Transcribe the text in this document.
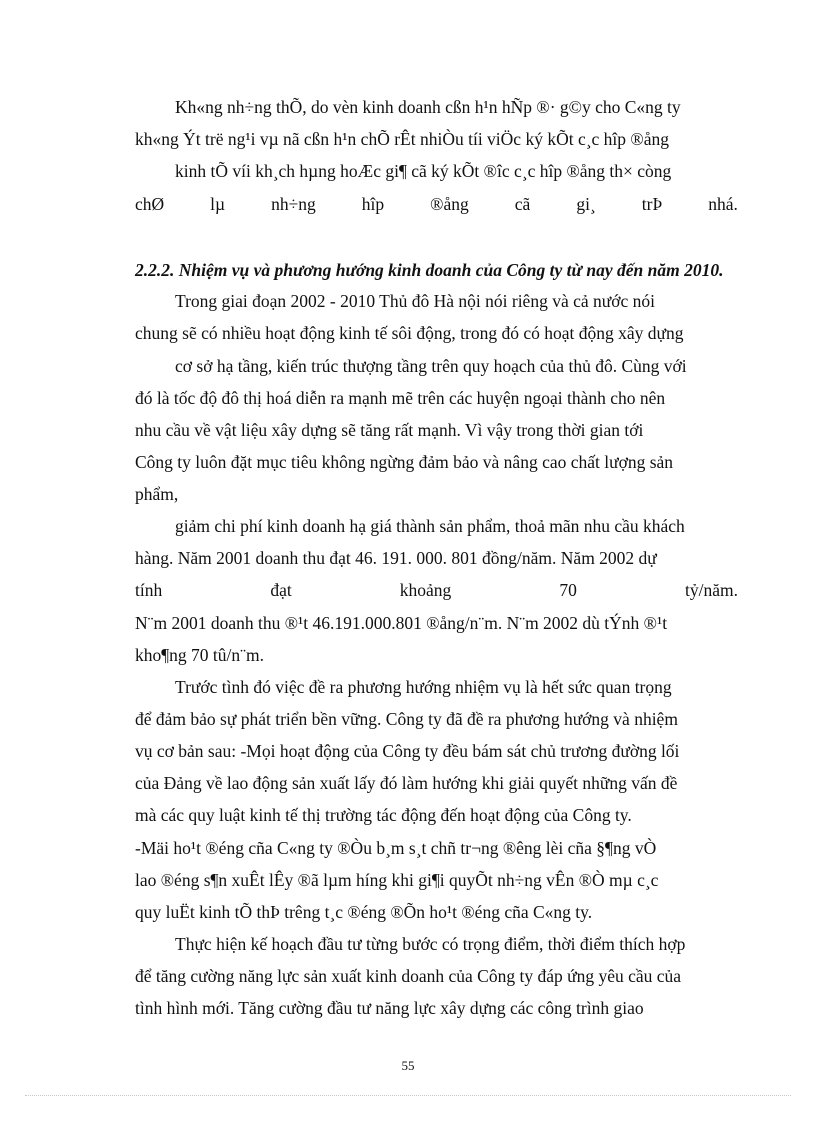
Kh«ng nh÷ng thÕ, do vèn kinh doanh cßn h¹n hÑp ®· g©y cho C«ng ty
kh«ng Ýt trë ng¹i vµ nã cßn h¹n chÕ rÊt nhiÒu tíi viÖc ký kÕt c¸c hîp ®ång
kinh tÕ víi kh¸ch hµng hoÆc gi¶ cã ký kÕt ®îc c¸c hîp ®ång th× còng
chØ	lµ	nh÷ng	hîp	®ång	cã	gi¸	trÞ	nhá.
2.2.2. Nhiệm vụ và phương hướng kinh doanh của Công ty từ nay đến năm 2010.
Trong giai đoạn 2002 - 2010 Thủ đô Hà nội nói riêng và cả nước nói
chung sẽ có nhiều hoạt động kinh tế sôi động, trong đó có hoạt động xây dựng
cơ sở hạ tầng, kiến trúc thượng tầng trên quy hoạch của thủ đô. Cùng với
đó là tốc độ đô thị hoá diễn ra mạnh mẽ trên các huyện ngoại thành cho nên
nhu cầu về vật liệu xây dựng sẽ tăng rất mạnh. Vì vậy trong thời gian tới
Công ty luôn đặt mục tiêu không ngừng đảm bảo và nâng cao chất lượng sản
phẩm,
giảm chi phí kinh doanh hạ giá thành sản phẩm, thoả mãn nhu cầu khách
hàng. Năm 2001 doanh thu đạt 46. 191. 000. 801 đồng/năm. Năm 2002 dự
tính	đạt	khoảng	70	tỷ/năm.
N¨m 2001 doanh thu ®¹t 46.191.000.801 ®ång/n¨m. N¨m 2002 dù tÝnh ®¹t
kho¶ng 70 tû/n¨m.
Trước tình đó việc đề ra phương hướng nhiệm vụ là hết sức quan trọng
để đảm bảo sự phát triển bền vững. Công ty đã đề ra phương hướng và nhiệm
vụ cơ bản sau: -Mọi hoạt động của Công ty đều bám sát chủ trương đường lối
của Đảng về lao động sản xuất lấy đó làm hướng khi giải quyết những vấn đề
mà các quy luật kinh tế thị trường tác động đến hoạt động của Công ty.
-Mäi ho¹t ®éng cña C«ng ty ®Òu b¸m s¸t chñ tr¬ng ®êng lèi cña §¶ng vÒ
lao ®éng s¶n xuÊt lÊy ®ã lµm híng khi gi¶i quyÕt nh÷ng vÊn ®Ò mµ c¸c
quy luËt kinh tÕ thÞ trêng t¸c ®éng ®Õn ho¹t ®éng cña C«ng ty.
Thực hiện kế hoạch đầu tư từng bước có trọng điểm, thời điểm thích hợp
để tăng cường năng lực sản xuất kinh doanh của Công ty đáp ứng yêu cầu của
tình hình mới. Tăng cường đầu tư năng lực xây dựng các công trình giao
55
